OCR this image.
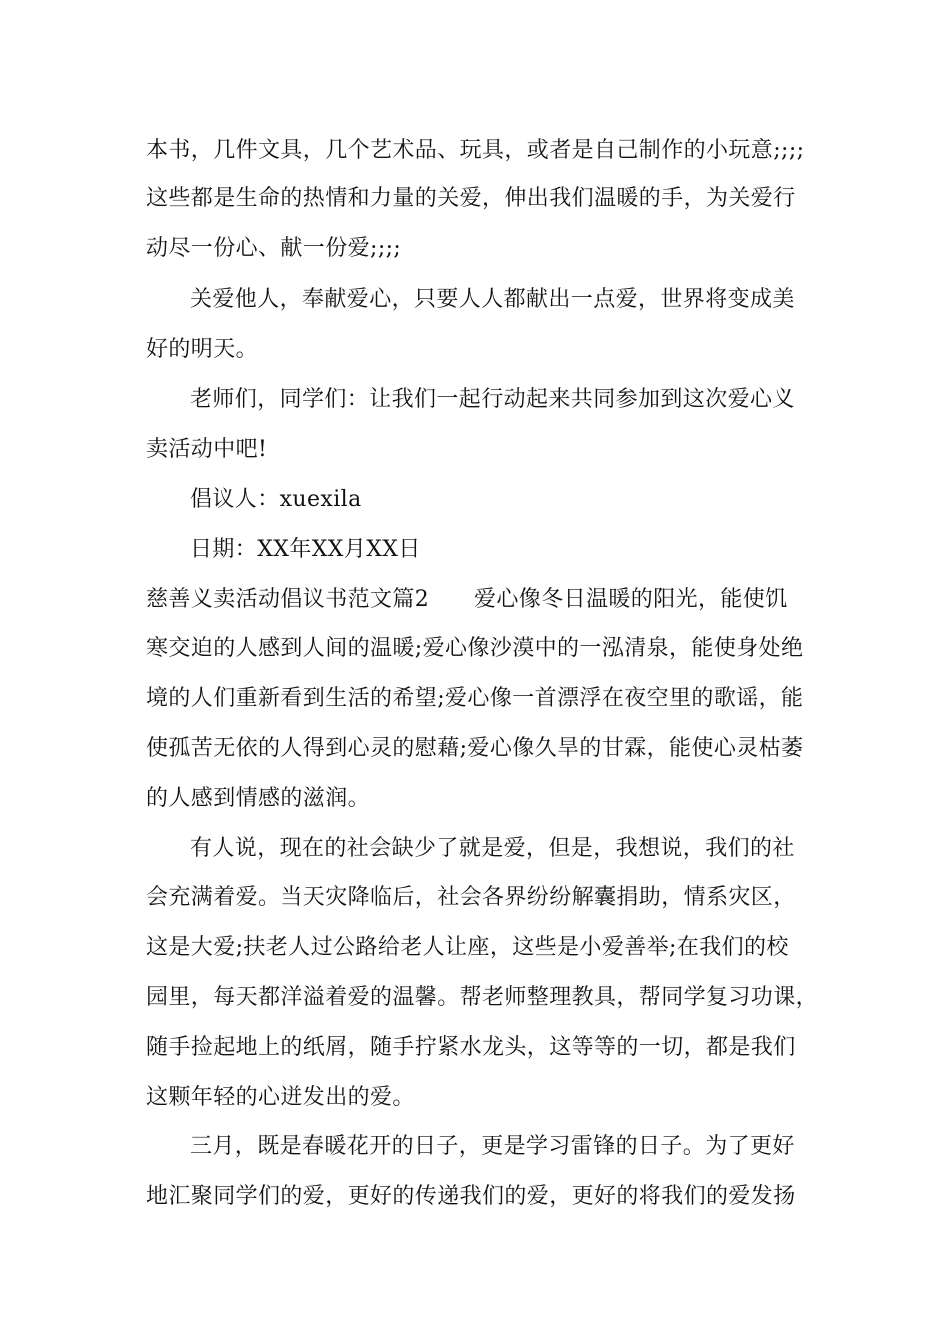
本书，几件文具，几个艺术品、玩具，或者是自己制作的小玩意;;;;
这些都是生命的热情和力量的关爱，伸出我们温暖的手，为关爱行
动尽一份心、献一份爱;;;;
关爱他人，奉献爱心，只要人人都献出一点爱，世界将变成美
好的明天。
老师们，同学们：让我们一起行动起来共同参加到这次爱心义
卖活动中吧!
倡议人：xuexila
日期：XX年XX月XX日
慈善义卖活动倡议书范文篇2　　爱心像冬日温暖的阳光，能使饥
寒交迫的人感到人间的温暖;爱心像沙漠中的一泓清泉，能使身处绝
境的人们重新看到生活的希望;爱心像一首漂浮在夜空里的歌谣，能
使孤苦无依的人得到心灵的慰藉;爱心像久旱的甘霖，能使心灵枯萎
的人感到情感的滋润。
有人说，现在的社会缺少了就是爱，但是，我想说，我们的社
会充满着爱。当天灾降临后，社会各界纷纷解囊捐助，情系灾区，
这是大爱;扶老人过公路给老人让座，这些是小爱善举;在我们的校
园里，每天都洋溢着爱的温馨。帮老师整理教具，帮同学复习功课，
随手捡起地上的纸屑，随手拧紧水龙头，这等等的一切，都是我们
这颗年轻的心迸发出的爱。
三月，既是春暖花开的日子，更是学习雷锋的日子。为了更好
地汇聚同学们的爱，更好的传递我们的爱，更好的将我们的爱发扬
